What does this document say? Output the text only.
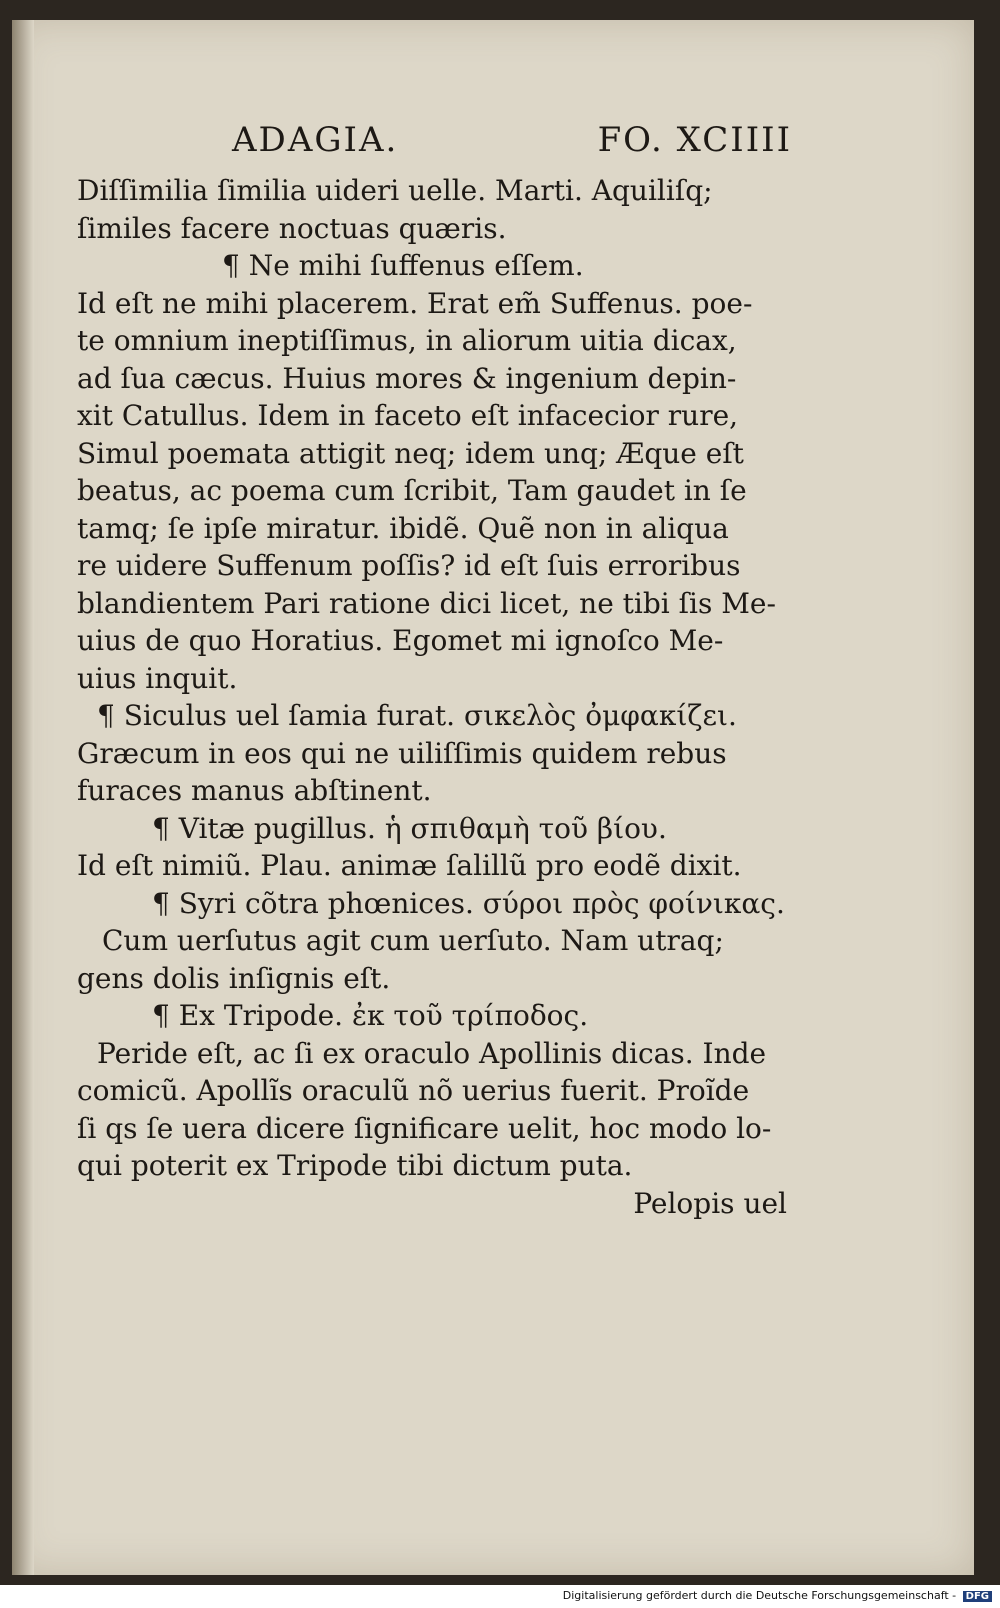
ADAGIA.	FO. XCIIII
Diſſimilia ſimilia uideri uelle. Marti. Aquiliſq;
ſimiles facere noctuas quæris.
¶ Ne mihi ſuffenus eſſem.
Id eſt ne mihi placerem. Erat em̃ Suffenus. poe-
te omnium ineptiſſimus, in aliorum uitia dicax,
ad ſua cæcus. Huius mores & ingenium depin-
xit Catullus. Idem in faceto eſt infacecior rure,
Simul poemata attigit neq; idem unq; Æque eſt
beatus, ac poema cum ſcribit, Tam gaudet in ſe
tamq; ſe ipſe miratur. ibidẽ. Quẽ non in aliqua
re uidere Suffenum poſſis? id eſt ſuis erroribus
blandientem Pari ratione dici licet, ne tibi ſis Me-
uius de quo Horatius. Egomet mi ignoſco Me-
uius inquit.
¶ Siculus uel ſamia furat. σικελὸς ὀμφακίζει.
Græcum in eos qui ne uiliſſimis quidem rebus
furaces manus abſtinent.
¶ Vitæ pugillus. ἡ σπιθαμὴ τοῦ βίου.
Id eſt nimiũ. Plau. animæ ſalillũ pro eodẽ dixit.
¶ Syri cõtra phœnices. σύροι πρὸς φοίνικας.
Cum uerſutus agit cum uerſuto. Nam utraq;
gens dolis inſignis eſt.
¶ Ex Tripode. ἐκ τοῦ τρίποδος.
Peride eſt, ac ſi ex oraculo Apollinis dicas. Inde
comicũ. Apollĩs oraculũ nõ uerius fuerit. Proĩde
ſi qs ſe uera dicere ſignificare uelit, hoc modo lo-
qui poterit ex Tripode tibi dictum puta.
Pelopis uel
Digitalisierung gefördert durch die Deutsche Forschungsgemeinschaft - DFG
